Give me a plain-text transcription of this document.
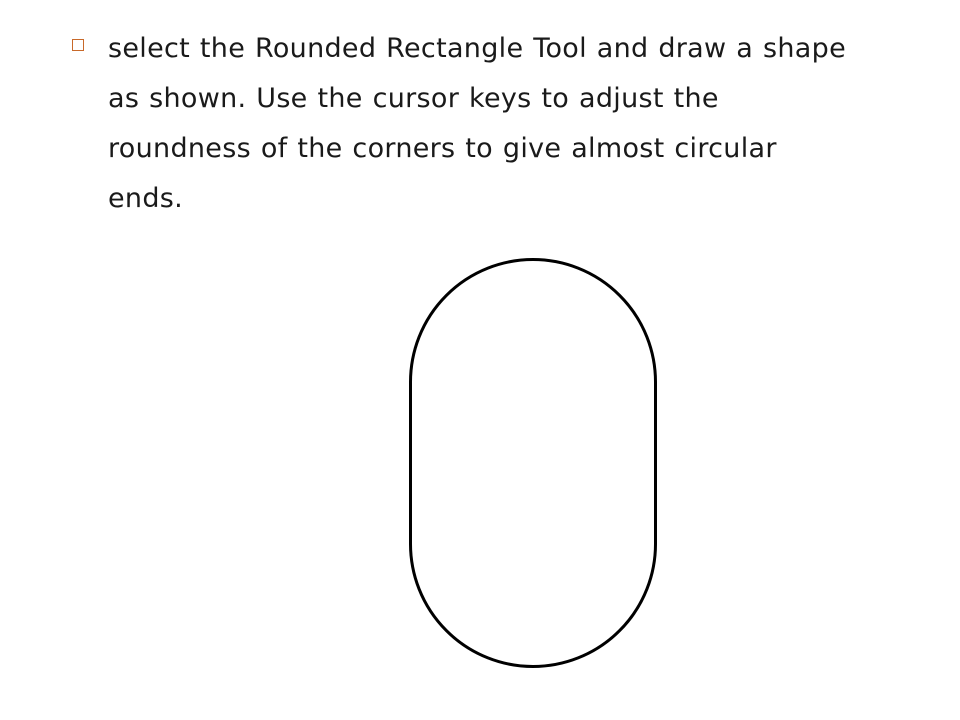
select the Rounded Rectangle Tool and draw a shape as shown. Use the cursor keys to adjust the roundness of the corners to give almost circular ends.
